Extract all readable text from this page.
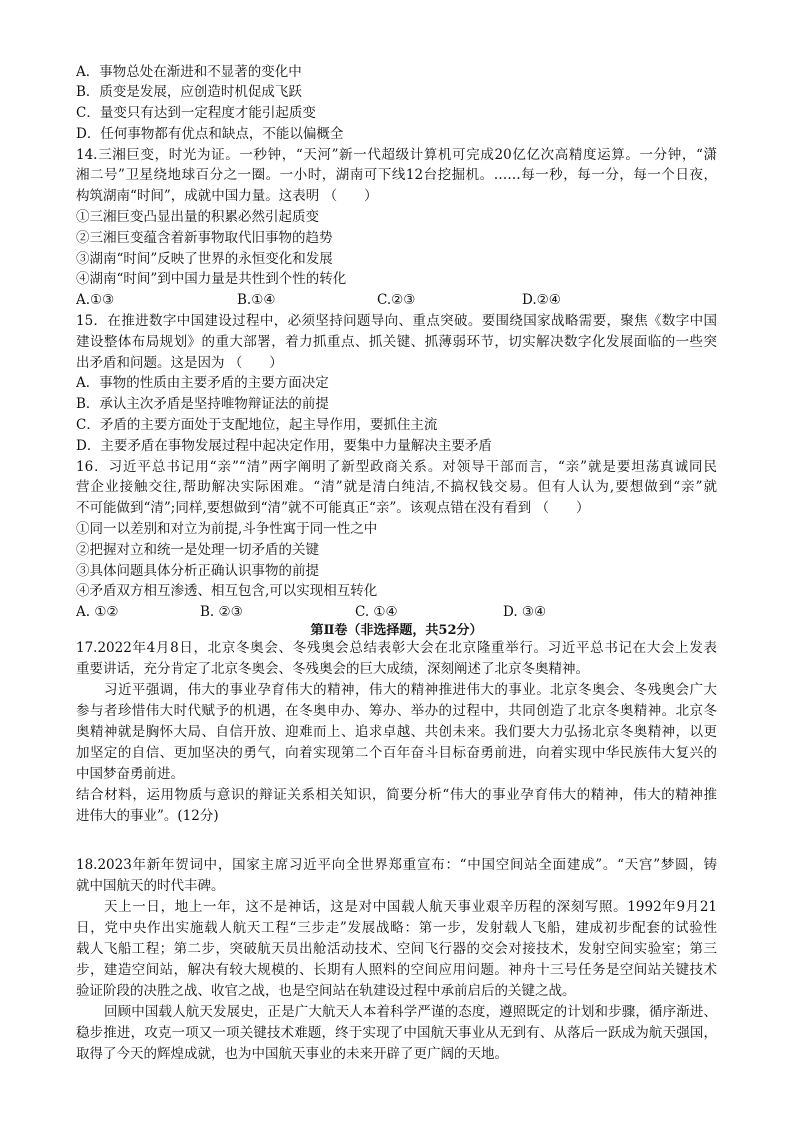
A．事物总处在渐进和不显著的变化中
B．质变是发展，应创造时机促成飞跃
C．量变只有达到一定程度才能引起质变
D．任何事物都有优点和缺点，不能以偏概全
14.三湘巨变，时光为证。一秒钟，“天河”新一代超级计算机可完成20亿亿次高精度运算。一分钟，“潇
湘二号”卫星绕地球百分之一圈。一小时，湖南可下线12台挖掘机。……每一秒，每一分，每一个日夜，
构筑湖南“时间”，成就中国力量。这表明 （　　）
①三湘巨变凸显出量的积累必然引起质变
②三湘巨变蕴含着新事物取代旧事物的趋势
③湖南“时间”反映了世界的永恒变化和发展
④湖南“时间”到中国力量是共性到个性的转化
A.①③	B.①④	C.②③	D.②④
15．在推进数字中国建设过程中，必须坚持问题导向、重点突破。要围绕国家战略需要，聚焦《数字中国
建设整体布局规划》的重大部署，着力抓重点、抓关键、抓薄弱环节，切实解决数字化发展面临的一些突
出矛盾和问题。这是因为 （　　）
A．事物的性质由主要矛盾的主要方面决定
B．承认主次矛盾是坚持唯物辩证法的前提
C．矛盾的主要方面处于支配地位，起主导作用，要抓住主流
D．主要矛盾在事物发展过程中起决定作用，要集中力量解决主要矛盾
16．习近平总书记用“亲”“清”两字阐明了新型政商关系。对领导干部而言，“亲”就是要坦荡真诚同民
营企业接触交往,帮助解决实际困难。“清”就是清白纯洁,不搞权钱交易。但有人认为,要想做到“亲”就
不可能做到“清”;同样,要想做到“清”就不可能真正“亲”。该观点错在没有看到 （　　）
①同一以差别和对立为前提,斗争性寓于同一性之中
②把握对立和统一是处理一切矛盾的关键
③具体问题具体分析正确认识事物的前提
④矛盾双方相互渗透、相互包含,可以实现相互转化
A. ①②	B. ②③	C. ①④	D. ③④
第Ⅱ卷（非选择题，共52分）
17.2022年4月8日，北京冬奥会、冬残奥会总结表彰大会在北京隆重举行。习近平总书记在大会上发表
重要讲话，充分肯定了北京冬奥会、冬残奥会的巨大成绩，深刻阐述了北京冬奥精神。
习近平强调，伟大的事业孕育伟大的精神，伟大的精神推进伟大的事业。北京冬奥会、冬残奥会广大
参与者珍惜伟大时代赋予的机遇，在冬奥申办、筹办、举办的过程中，共同创造了北京冬奥精神。北京冬
奥精神就是胸怀大局、自信开放、迎难而上、追求卓越、共创未来。我们要大力弘扬北京冬奥精神，以更
加坚定的自信、更加坚决的勇气，向着实现第二个百年奋斗目标奋勇前进，向着实现中华民族伟大复兴的
中国梦奋勇前进。
结合材料，运用物质与意识的辩证关系相关知识，简要分析“伟大的事业孕育伟大的精神，伟大的精神推
进伟大的事业”。(12分)
18.2023年新年贺词中，国家主席习近平向全世界郑重宣布：“中国空间站全面建成”。“天宫”梦圆，铸
就中国航天的时代丰碑。
天上一日，地上一年，这不是神话，这是对中国载人航天事业艰辛历程的深刻写照。1992年9月21
日，党中央作出实施载人航天工程“三步走”发展战略：第一步，发射载人飞船，建成初步配套的试验性
载人飞船工程；第二步，突破航天员出舱活动技术、空间飞行器的交会对接技术，发射空间实验室；第三
步，建造空间站，解决有较大规模的、长期有人照料的空间应用问题。神舟十三号任务是空间站关键技术
验证阶段的决胜之战、收官之战，也是空间站在轨建设过程中承前启后的关键之战。
回顾中国载人航天发展史，正是广大航天人本着科学严谨的态度，遵照既定的计划和步骤，循序渐进、
稳步推进，攻克一项又一项关键技术难题，终于实现了中国航天事业从无到有、从落后一跃成为航天强国，
取得了今天的辉煌成就，也为中国航天事业的未来开辟了更广阔的天地。
